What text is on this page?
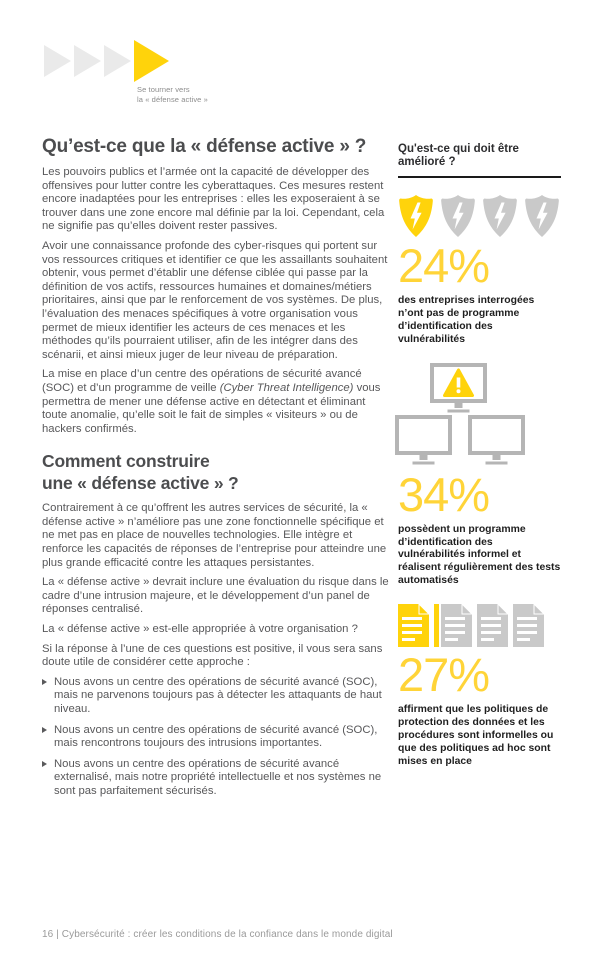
Se tourner vers
la « défense active »
Qu’est-ce que la « défense active » ?

Les pouvoirs publics et l’armée ont la capacité de développer des offensives pour lutter contre les cyberattaques. Ces mesures restent encore inadaptées pour les entreprises : elles les exposeraient à se trouver dans une zone encore mal définie par la loi. Cependant, cela ne signifie pas qu’elles doivent rester passives.

Avoir une connaissance profonde des cyber-risques qui portent sur vos ressources critiques et identifier ce que les assaillants souhaitent obtenir, vous permet d’établir une défense ciblée qui passe par la définition de vos actifs, ressources humaines et domaines/métiers prioritaires, ainsi que par le renforcement de vos systèmes. De plus, l’évaluation des menaces spécifiques à votre organisation vous permet de mieux identifier les acteurs de ces menaces et les méthodes qu’ils pourraient utiliser, afin de les intégrer dans des scénarii, et ainsi mieux juger de leur niveau de préparation.

La mise en place d’un centre des opérations de sécurité avancé (SOC) et d’un programme de veille (Cyber Threat Intelligence) vous permettra de mener une défense active en détectant et éliminant toute anomalie, qu’elle soit le fait de simples « visiteurs » ou de hackers confirmés.

Comment construire
une « défense active » ?

Contrairement à ce qu’offrent les autres services de sécurité, la « défense active » n’améliore pas une zone fonctionnelle spécifique et ne met pas en place de nouvelles technologies. Elle intègre et renforce les capacités de réponses de l’entreprise pour atteindre une plus grande efficacité contre les attaques persistantes.

La « défense active » devrait inclure une évaluation du risque dans le cadre d’une intrusion majeure, et le développement d’un panel de réponses centralisé.

La « défense active » est-elle appropriée à votre organisation ?

Si la réponse à l’une de ces questions est positive, il vous sera sans doute utile de considérer cette approche :

Nous avons un centre des opérations de sécurité avancé (SOC), mais ne parvenons toujours pas à détecter les attaquants de haut niveau.
Nous avons un centre des opérations de sécurité avancé (SOC), mais rencontrons toujours des intrusions importantes.
Nous avons un centre des opérations de sécurité avancé externalisé, mais notre propriété intellectuelle et nos systèmes ne sont pas parfaitement sécurisés.
Qu'est-ce qui doit être amélioré ?
24%
des entreprises interrogées n’ont pas de programme d’identification des vulnérabilités
34%
possèdent un programme d’identification des vulnérabilités informel et réalisent régulièrement des tests automatisés
27%
affirment que les politiques de protection des données et les procédures sont informelles ou que des politiques ad hoc sont mises en place
16 | Cybersécurité : créer les conditions de la confiance dans le monde digital
